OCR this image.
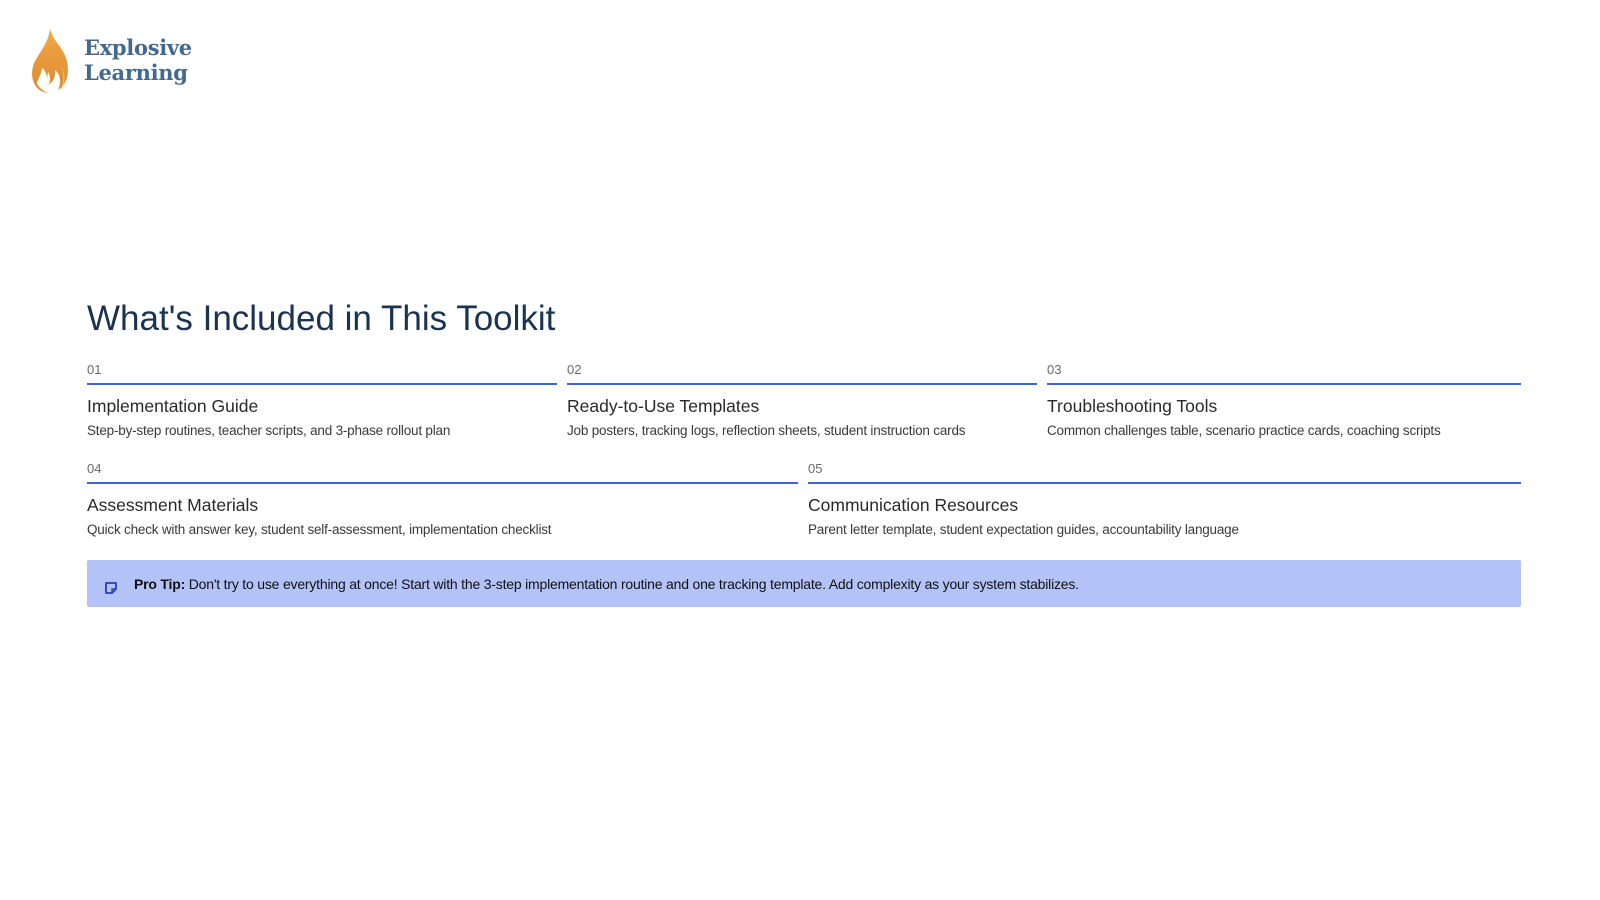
Explosive
Learning
What's Included in This Toolkit
01
Implementation Guide
Step-by-step routines, teacher scripts, and 3-phase rollout plan
02
Ready-to-Use Templates
Job posters, tracking logs, reflection sheets, student instruction cards
03
Troubleshooting Tools
Common challenges table, scenario practice cards, coaching scripts
04
Assessment Materials
Quick check with answer key, student self-assessment, implementation checklist
05
Communication Resources
Parent letter template, student expectation guides, accountability language
Pro Tip: Don't try to use everything at once! Start with the 3-step implementation routine and one tracking template. Add complexity as your system stabilizes.
